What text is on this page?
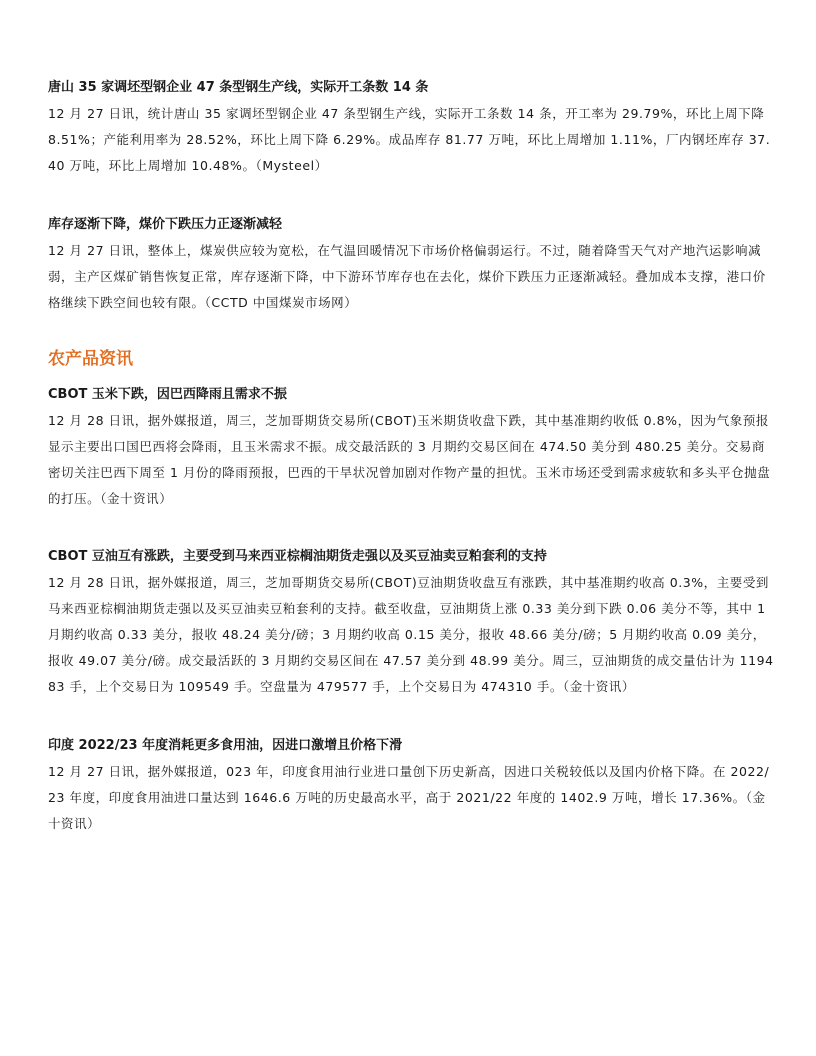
唐山 35 家调坯型钢企业 47 条型钢生产线，实际开工条数 14 条

12 月 27 日讯，统计唐山 35 家调坯型钢企业 47 条型钢生产线，实际开工条数 14 条，开工率为 29.79%，环比上周下降 8.51%；产能利用率为 28.52%，环比上周下降 6.29%。成品库存 81.77 万吨，环比上周增加 1.11%，厂内钢坯库存 37.40 万吨，环比上周增加 10.48%。（Mysteel）

库存逐渐下降，煤价下跌压力正逐渐减轻

12 月 27 日讯，整体上，煤炭供应较为宽松，在气温回暖情况下市场价格偏弱运行。不过，随着降雪天气对产地汽运影响减弱，主产区煤矿销售恢复正常，库存逐渐下降，中下游环节库存也在去化，煤价下跌压力正逐渐减轻。叠加成本支撑，港口价格继续下跌空间也较有限。（CCTD 中国煤炭市场网）

农产品资讯

CBOT 玉米下跌，因巴西降雨且需求不振

12 月 28 日讯，据外媒报道，周三，芝加哥期货交易所(CBOT)玉米期货收盘下跌，其中基准期约收低 0.8%，因为气象预报显示主要出口国巴西将会降雨，且玉米需求不振。成交最活跃的 3 月期约交易区间在 474.50 美分到 480.25 美分。交易商密切关注巴西下周至 1 月份的降雨预报，巴西的干旱状况曾加剧对作物产量的担忧。玉米市场还受到需求疲软和多头平仓抛盘的打压。（金十资讯）

CBOT 豆油互有涨跌，主要受到马来西亚棕榈油期货走强以及买豆油卖豆粕套利的支持

12 月 28 日讯，据外媒报道，周三，芝加哥期货交易所(CBOT)豆油期货收盘互有涨跌，其中基准期约收高 0.3%，主要受到马来西亚棕榈油期货走强以及买豆油卖豆粕套利的支持。截至收盘，豆油期货上涨 0.33 美分到下跌 0.06 美分不等，其中 1 月期约收高 0.33 美分，报收 48.24 美分/磅；3 月期约收高 0.15 美分，报收 48.66 美分/磅；5 月期约收高 0.09 美分，报收 49.07 美分/磅。成交最活跃的 3 月期约交易区间在 47.57 美分到 48.99 美分。周三，豆油期货的成交量估计为 119483 手，上个交易日为 109549 手。空盘量为 479577 手，上个交易日为 474310 手。（金十资讯）

印度 2022/23 年度消耗更多食用油，因进口激增且价格下滑

12 月 27 日讯，据外媒报道，023 年，印度食用油行业进口量创下历史新高，因进口关税较低以及国内价格下降。在 2022/23 年度，印度食用油进口量达到 1646.6 万吨的历史最高水平，高于 2021/22 年度的 1402.9 万吨，增长 17.36%。（金十资讯）
